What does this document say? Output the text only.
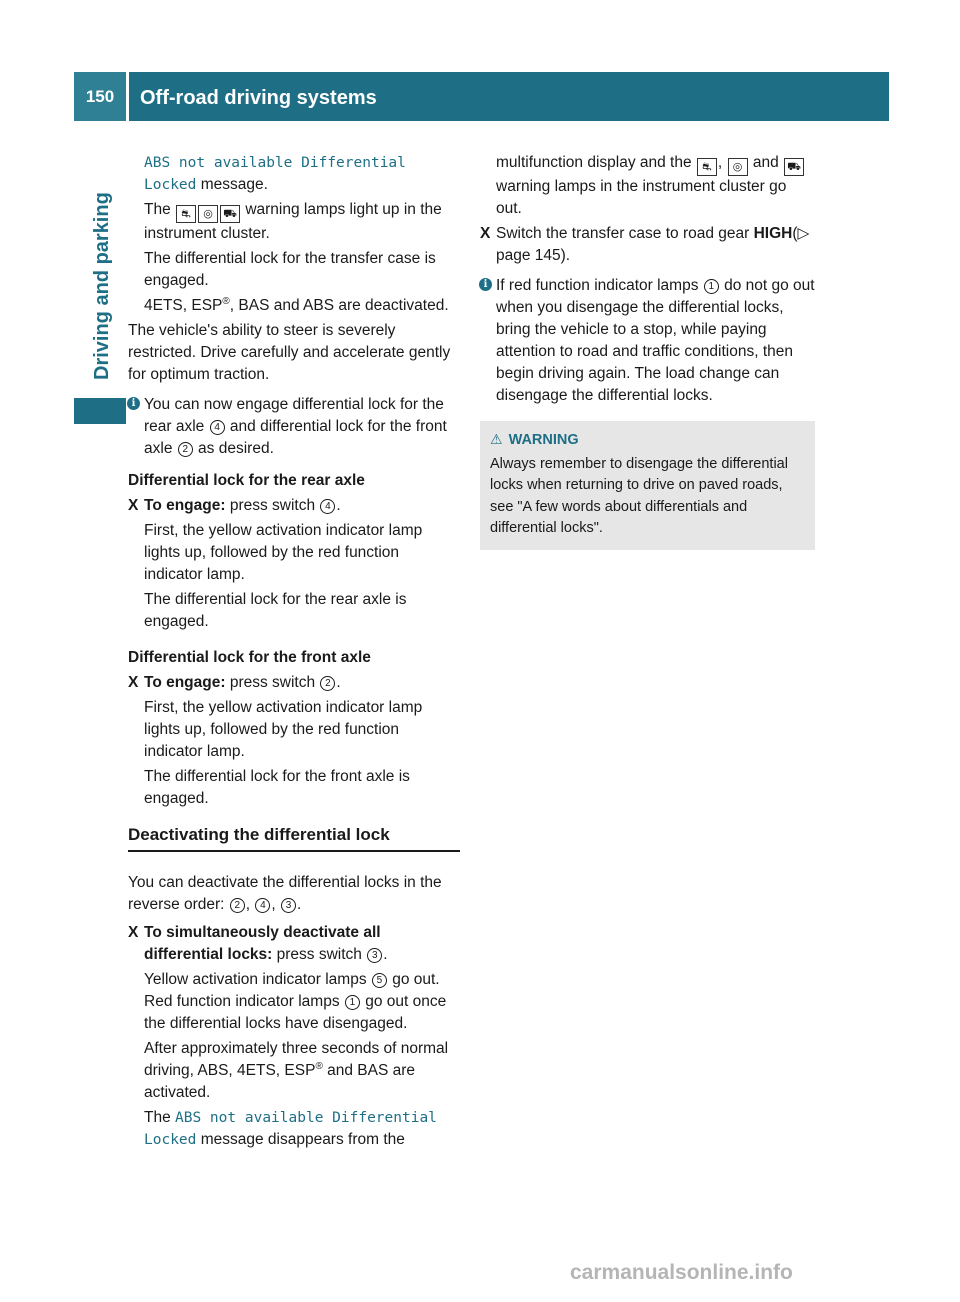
150	Off-road driving systems
Driving and parking

ABS not available Differential Locked message.

The ⛐ ◎ ⛟ warning lamps light up in the instrument cluster.

The differential lock for the transfer case is engaged.

4ETS, ESP®, BAS and ABS are deactivated.

The vehicle's ability to steer is severely restricted. Drive carefully and accelerate gently for optimum traction.

i You can now engage differential lock for the rear axle 4 and differential lock for the front axle 2 as desired.

Differential lock for the rear axle

X To engage: press switch 4 .

First, the yellow activation indicator lamp lights up, followed by the red function indicator lamp.

The differential lock for the rear axle is engaged.

Differential lock for the front axle

X To engage: press switch 2 .

First, the yellow activation indicator lamp lights up, followed by the red function indicator lamp.

The differential lock for the front axle is engaged.

Deactivating the differential lock

You can deactivate the differential locks in the reverse order: 2 , 4 , 3 .

X To simultaneously deactivate all differential locks: press switch 3 .

Yellow activation indicator lamps 5 go out. Red function indicator lamps 1 go out once the differential locks have disengaged.

After approximately three seconds of normal driving, ABS, 4ETS, ESP® and BAS are activated.

The ABS not available Differential Locked message disappears from the

multifunction display and the ⛐ , ◎ and ⛟ warning lamps in the instrument cluster go out.

X Switch the transfer case to road gear HIGH(▷ page 145).
i If red function indicator lamps 1 do not go out when you disengage the differential locks, bring the vehicle to a stop, while paying attention to road and traffic conditions, then begin driving again. The load change can disengage the differential locks.
⚠ WARNING
Always remember to disengage the differential locks when returning to drive on paved roads, see "A few words about differentials and differential locks".
carmanualsonline.info
